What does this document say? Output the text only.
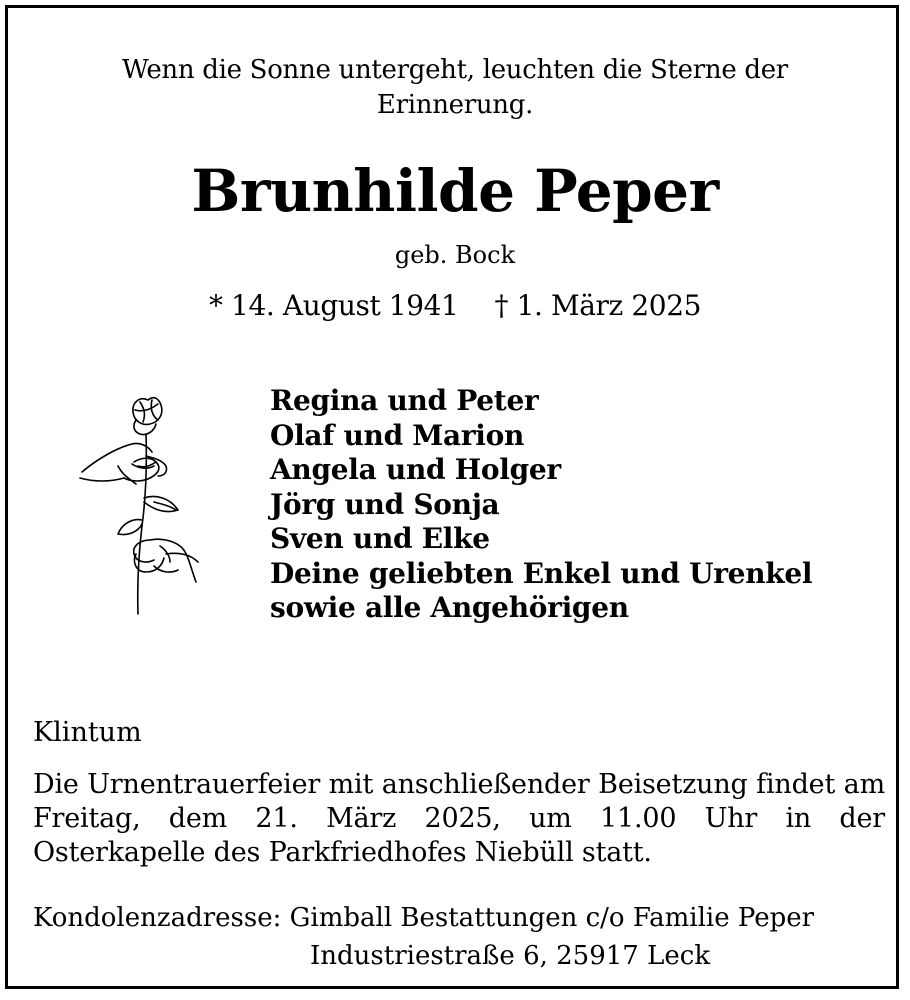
Wenn die Sonne untergeht, leuchten die Sterne der
Erinnerung.
Brunhilde Peper
geb. Bock
* 14. August 1941 † 1. März 2025
Regina und Peter
Olaf und Marion
Angela und Holger
Jörg und Sonja
Sven und Elke
Deine geliebten Enkel und Urenkel
sowie alle Angehörigen
Klintum
Die Urnentrauerfeier mit anschließender Beisetzung findet am Freitag, dem 21. März 2025, um 11.00 Uhr in der Osterkapelle des Parkfriedhofes Niebüll statt.
Kondolenzadresse: Gimball Bestattungen c/o Familie Peper
Industriestraße 6, 25917 Leck
